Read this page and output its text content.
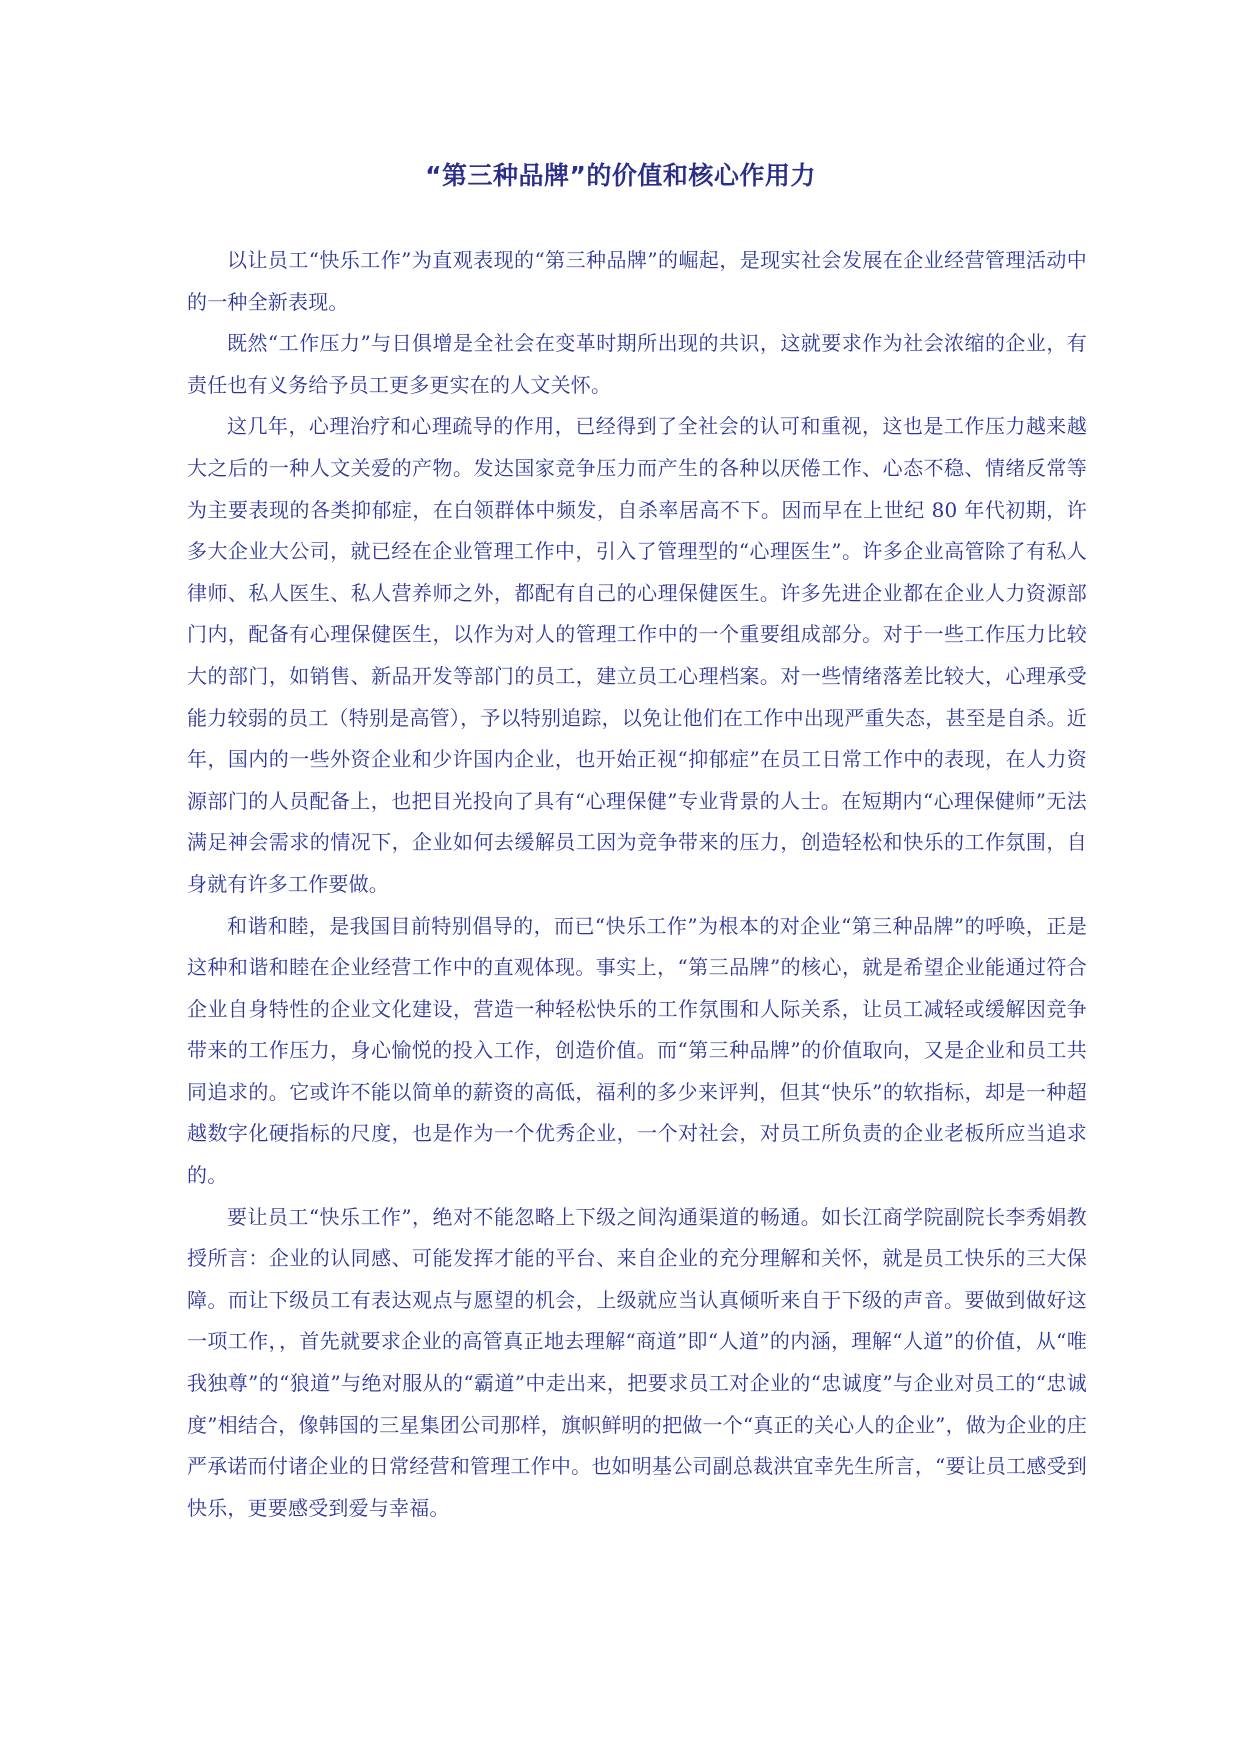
“第三种品牌”的价值和核心作用力

以让员工“快乐工作”为直观表现的“第三种品牌”的崛起，是现实社会发展在企业经营管理活动中的一种全新表现。

既然“工作压力”与日俱增是全社会在变革时期所出现的共识，这就要求作为社会浓缩的企业，有责任也有义务给予员工更多更实在的人文关怀。

这几年，心理治疗和心理疏导的作用，已经得到了全社会的认可和重视，这也是工作压力越来越大之后的一种人文关爱的产物。发达国家竞争压力而产生的各种以厌倦工作、心态不稳、情绪反常等为主要表现的各类抑郁症，在白领群体中频发，自杀率居高不下。因而早在上世纪 80 年代初期，许多大企业大公司，就已经在企业管理工作中，引入了管理型的“心理医生”。许多企业高管除了有私人律师、私人医生、私人营养师之外，都配有自己的心理保健医生。许多先进企业都在企业人力资源部门内，配备有心理保健医生，以作为对人的管理工作中的一个重要组成部分。对于一些工作压力比较大的部门，如销售、新品开发等部门的员工，建立员工心理档案。对一些情绪落差比较大，心理承受能力较弱的员工（特别是高管），予以特别追踪，以免让他们在工作中出现严重失态，甚至是自杀。近年，国内的一些外资企业和少许国内企业，也开始正视“抑郁症”在员工日常工作中的表现，在人力资源部门的人员配备上，也把目光投向了具有“心理保健”专业背景的人士。在短期内“心理保健师”无法满足神会需求的情况下，企业如何去缓解员工因为竞争带来的压力，创造轻松和快乐的工作氛围，自身就有许多工作要做。

和谐和睦，是我国目前特别倡导的，而已“快乐工作”为根本的对企业“第三种品牌”的呼唤，正是这种和谐和睦在企业经营工作中的直观体现。事实上，“第三品牌”的核心，就是希望企业能通过符合企业自身特性的企业文化建设，营造一种轻松快乐的工作氛围和人际关系，让员工减轻或缓解因竞争带来的工作压力，身心愉悦的投入工作，创造价值。而“第三种品牌”的价值取向，又是企业和员工共同追求的。它或许不能以简单的薪资的高低，福利的多少来评判，但其“快乐”的软指标，却是一种超越数字化硬指标的尺度，也是作为一个优秀企业，一个对社会，对员工所负责的企业老板所应当追求的。

要让员工“快乐工作”，绝对不能忽略上下级之间沟通渠道的畅通。如长江商学院副院长李秀娟教授所言：企业的认同感、可能发挥才能的平台、来自企业的充分理解和关怀，就是员工快乐的三大保障。而让下级员工有表达观点与愿望的机会，上级就应当认真倾听来自于下级的声音。要做到做好这一项工作，，首先就要求企业的高管真正地去理解“商道”即“人道”的内涵，理解“人道”的价值，从“唯我独尊”的“狼道”与绝对服从的“霸道”中走出来，把要求员工对企业的“忠诚度”与企业对员工的“忠诚度”相结合，像韩国的三星集团公司那样，旗帜鲜明的把做一个“真正的关心人的企业”，做为企业的庄严承诺而付诸企业的日常经营和管理工作中。也如明基公司副总裁洪宜幸先生所言，“要让员工感受到快乐，更要感受到爱与幸福。
